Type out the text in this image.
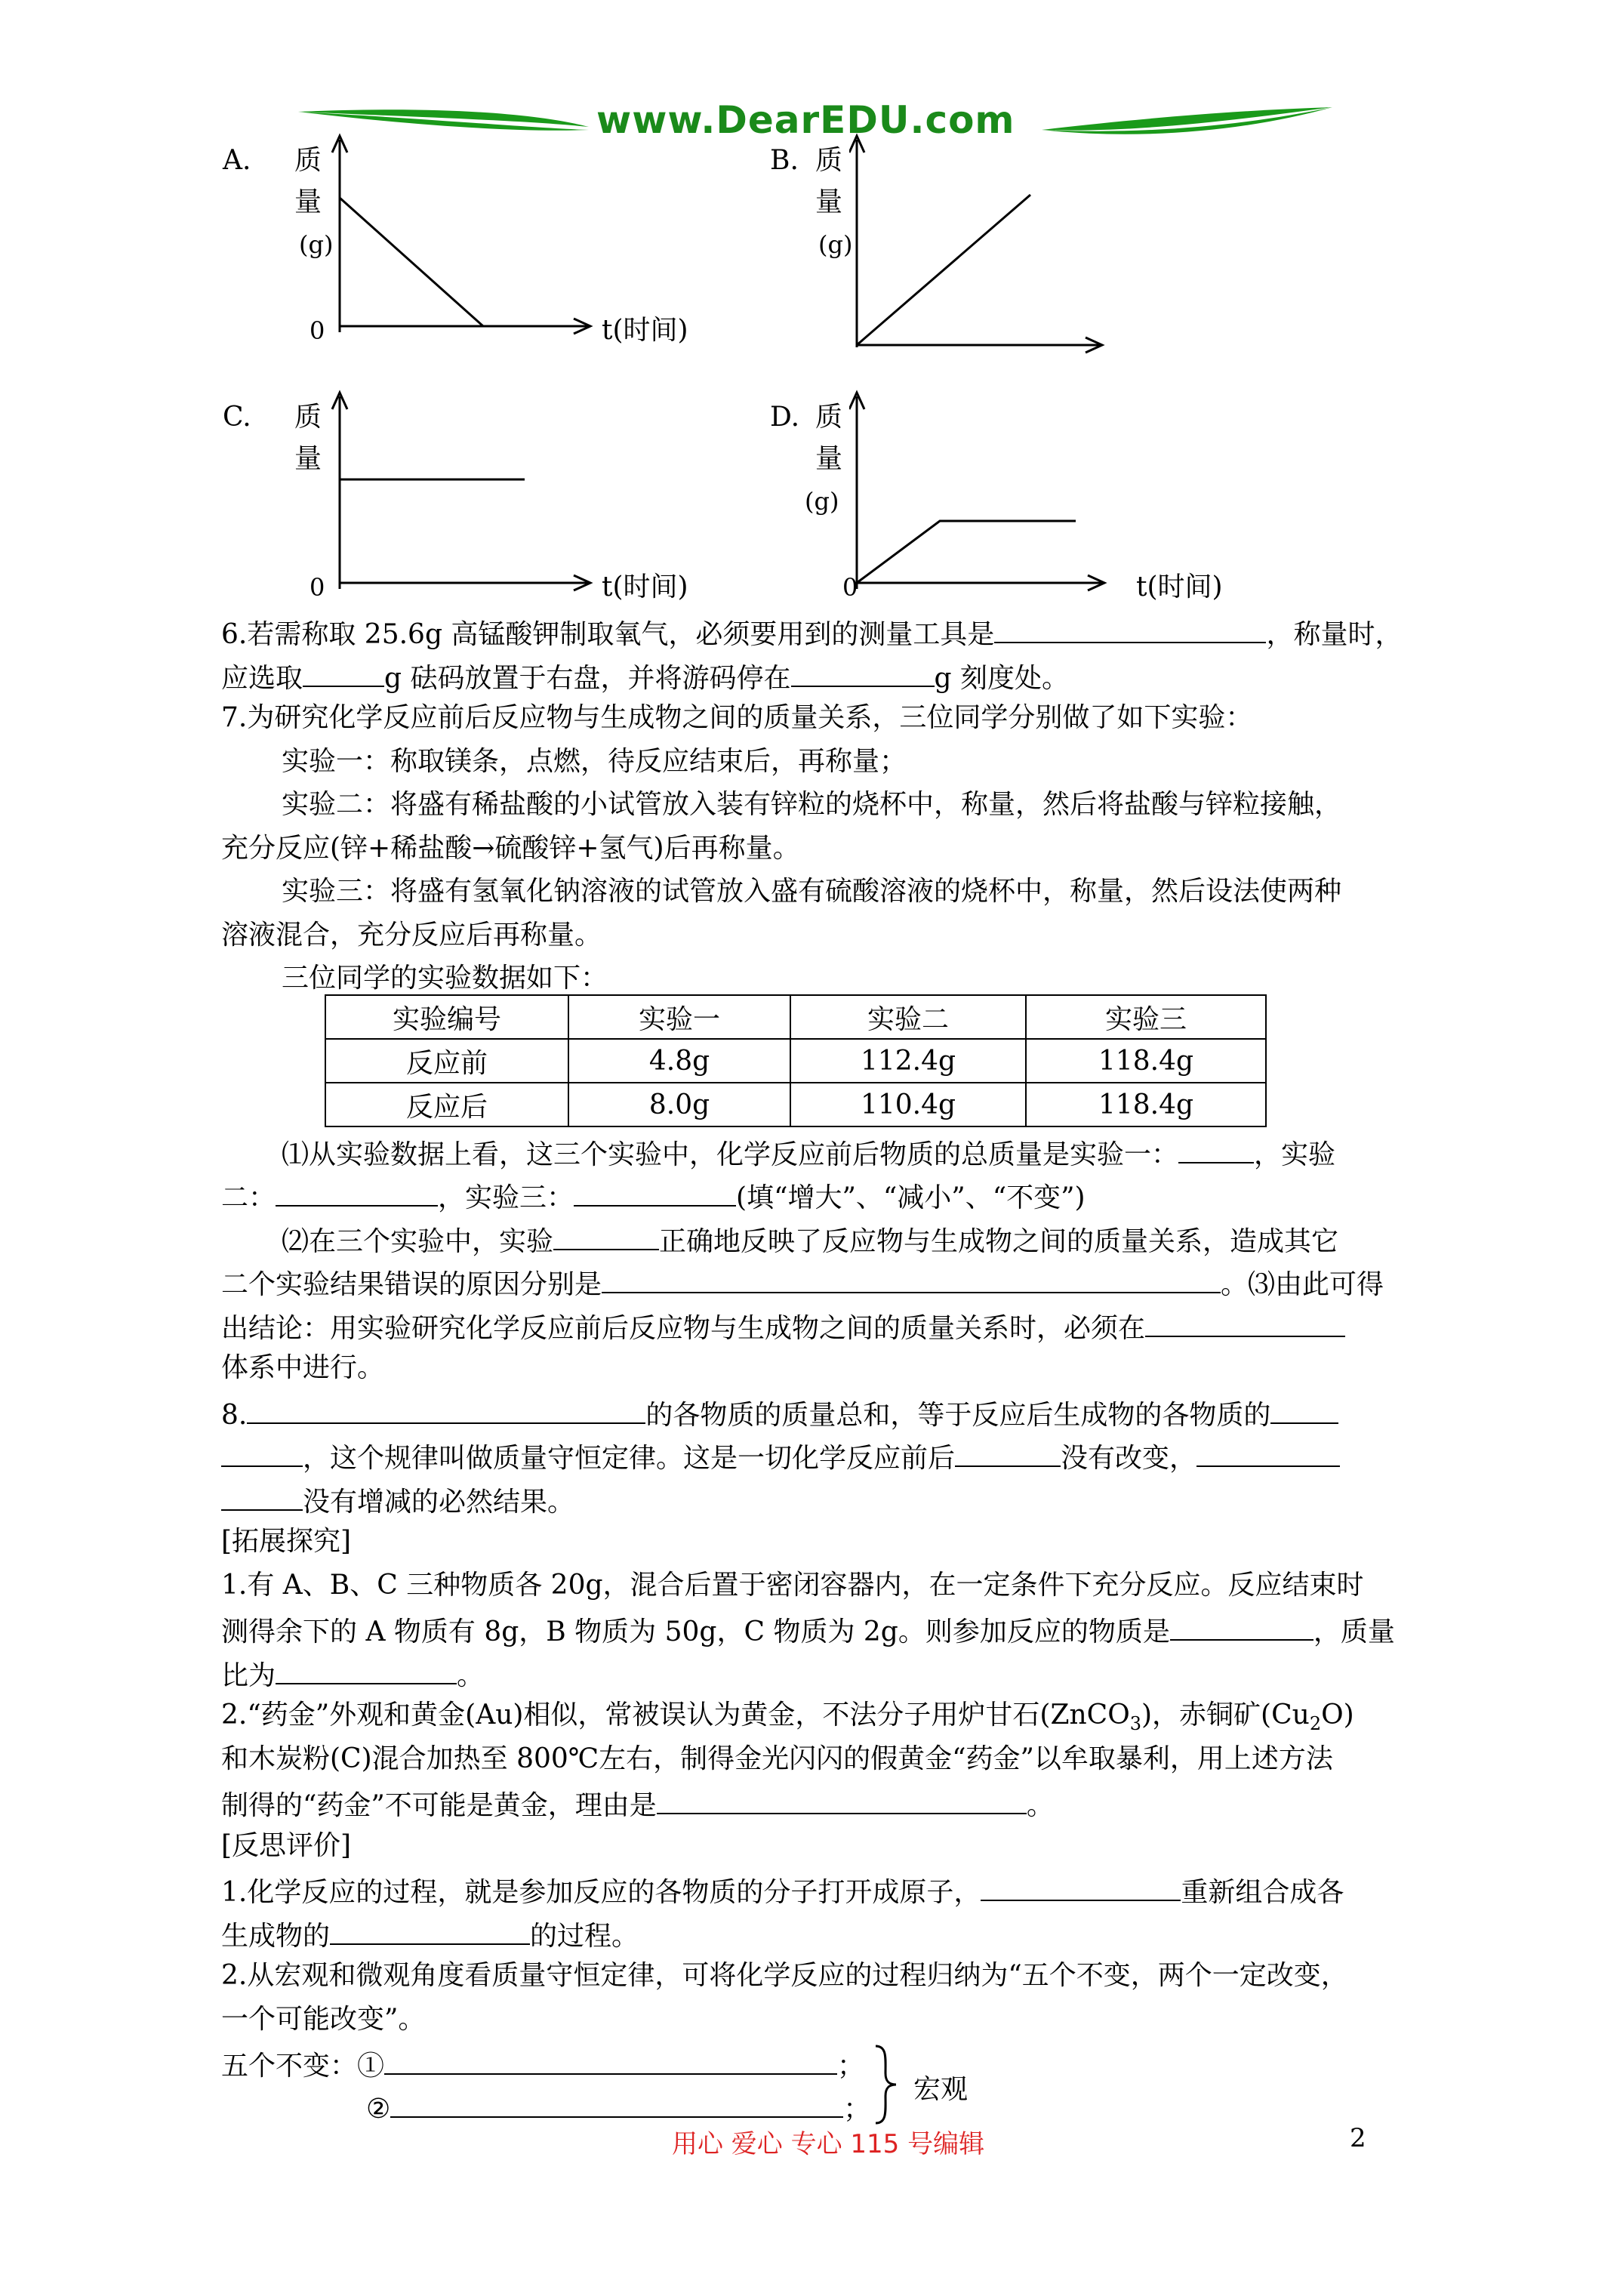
www.DearEDU.com
A. 质
量
(g)
0	t(时间)
B. 质
量
(g)
C. 质
量
0	t(时间)
D. 质
量
(g)
0	t(时间)
6.若需称取 25.6g 高锰酸钾制取氧气，必须要用到的测量工具是	，称量时，
应选取	g 砝码放置于右盘，并将游码停在	g 刻度处。
7.为研究化学反应前后反应物与生成物之间的质量关系，三位同学分别做了如下实验：
实验一：称取镁条，点燃，待反应结束后，再称量；
实验二：将盛有稀盐酸的小试管放入装有锌粒的烧杯中，称量，然后将盐酸与锌粒接触，
充分反应(锌+稀盐酸→硫酸锌+氢气)后再称量。
实验三：将盛有氢氧化钠溶液的试管放入盛有硫酸溶液的烧杯中，称量，然后设法使两种
溶液混合，充分反应后再称量。
三位同学的实验数据如下：
实验编号	实验一	实验二	实验三
反应前	4.8g	112.4g	118.4g
反应后	8.0g	110.4g	118.4g
⑴从实验数据上看，这三个实验中，化学反应前后物质的总质量是实验一：	，实验
二：	，实验三：	(填“增大”、“减小”、“不变”)
⑵在三个实验中，实验	正确地反映了反应物与生成物之间的质量关系，造成其它
二个实验结果错误的原因分别是	。⑶由此可得
出结论：用实验研究化学反应前后反应物与生成物之间的质量关系时，必须在
体系中进行。
8.	的各物质的质量总和，等于反应后生成物的各物质的
，这个规律叫做质量守恒定律。这是一切化学反应前后	没有改变，
没有增减的必然结果。
[拓展探究]
1.有 A、B、C 三种物质各 20g，混合后置于密闭容器内，在一定条件下充分反应。反应结束时
测得余下的 A 物质有 8g，B 物质为 50g，C 物质为 2g。则参加反应的物质是	，质量
比为	。
2.“药金”外观和黄金(Au)相似，常被误认为黄金，不法分子用炉甘石(ZnCO$_3$)，赤铜矿$(Cu_2O)$
和木炭粉(C)混合加热至 800℃左右，制得金光闪闪的假黄金“药金”以牟取暴利，用上述方法
制得的“药金”不可能是黄金，理由是	。
[反思评价]
1.化学反应的过程，就是参加反应的各物质的分子打开成原子，	重新组合成各
生成物的	的过程。
2.从宏观和微观角度看质量守恒定律，可将化学反应的过程归纳为“五个不变，两个一定改变，
一个可能改变”。
五个不变：①	；
②	；
宏观
用心 爱心 专心 115 号编辑	2
